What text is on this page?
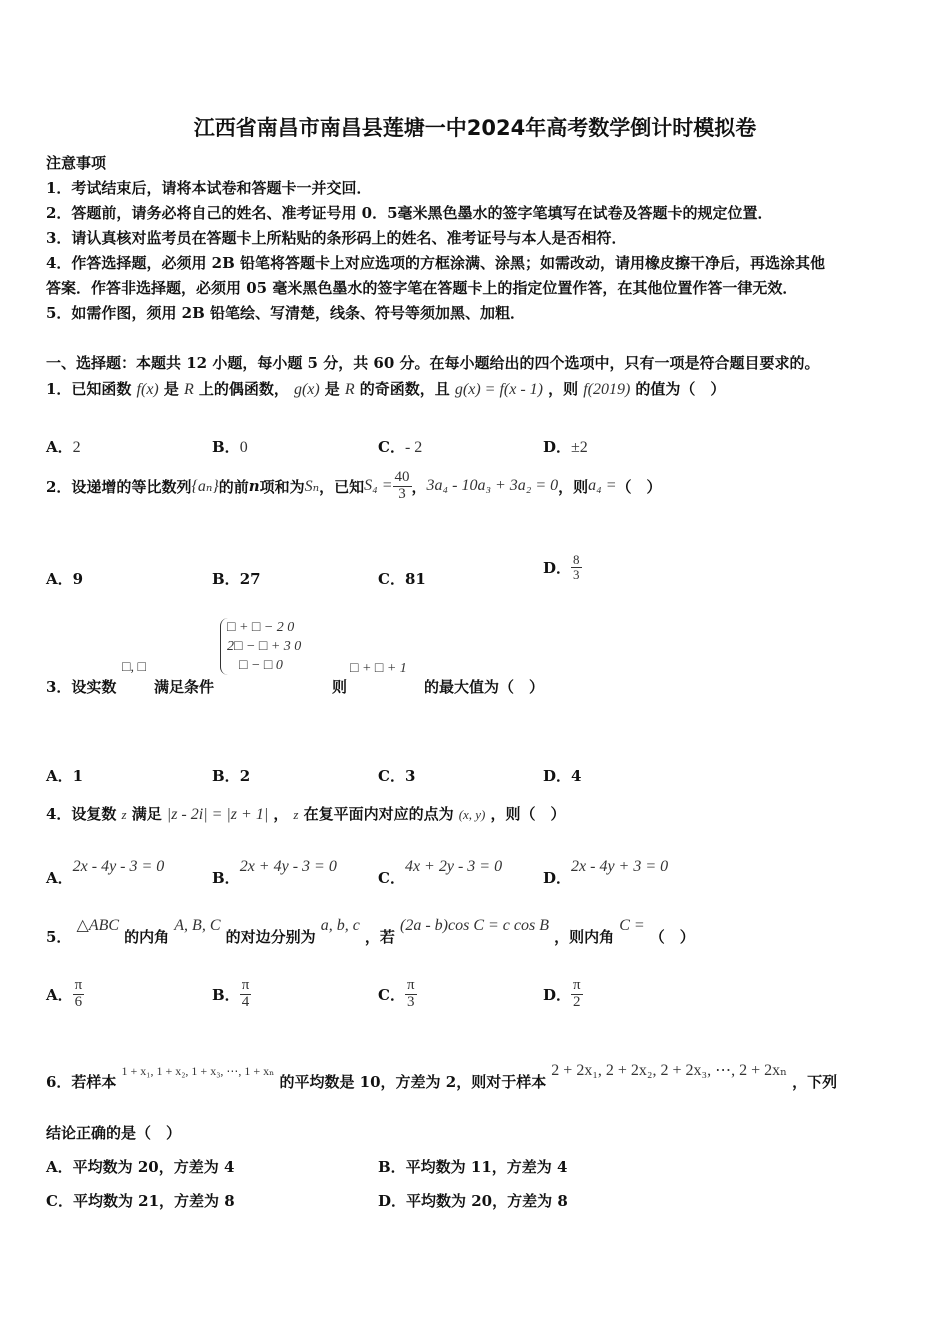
江西省南昌市南昌县莲塘一中2024年高考数学倒计时模拟卷
注意事项
1．考试结束后，请将本试卷和答题卡一并交回．
2．答题前，请务必将自己的姓名、准考证号用 0．5毫米黑色墨水的签字笔填写在试卷及答题卡的规定位置．
3．请认真核对监考员在答题卡上所粘贴的条形码上的姓名、准考证号与本人是否相符．
4．作答选择题，必须用 2B 铅笔将答题卡上对应选项的方框涂满、涂黑；如需改动，请用橡皮擦干净后，再选涂其他
答案．作答非选择题，必须用 05 毫米黑色墨水的签字笔在答题卡上的指定位置作答，在其他位置作答一律无效．
5．如需作图，须用 2B 铅笔绘、写清楚，线条、符号等须加黑、加粗．
一、选择题：本题共 12 小题，每小题 5 分，共 60 分。在每小题给出的四个选项中，只有一项是符合题目要求的。
1．已知函数 f(x) 是 R 上的偶函数， g(x) 是 R 的奇函数，且 g(x) = f(x - 1) ，则 f(2019) 的值为（　）
A．2	B．0	C．- 2	D．±2
2．设递增的等比数列 {aₙ} 的前 n 项和为 Sₙ ，已知 $S_4 = \frac{40}{3}$ ， 3a₄ - 10a₃ + 3a₂ = 0 ，则 a₄ = （　）
A．9	B．27	C．81
D． $\frac{8}{3}$
3．设实数
□, □
满足条件
□ + □ − 2 0
2□ − □ + 3 0
□ − □ 0
则
□ + □ + 1
的最大值为（　）
A．1	B．2	C．3	D．4
4．设复数 z 满足 |z - 2i| = |z + 1| ， z 在复平面内对应的点为 (x, y) ，则（　）
A．2x - 4y - 3 = 0
B．2x + 4y - 3 = 0
C．4x + 2y - 3 = 0
D．2x - 4y + 3 = 0
5． △ABC 的内角 A, B, C 的对边分别为 a, b, c ，若 (2a - b)cos C = c cos B ，则内角 C = （　）
A． $\frac{\pi}{6}$	B． $\frac{\pi}{4}$	C． $\frac{\pi}{3}$	D． $\frac{\pi}{2}$
6．若样本 1 + x₁, 1 + x₂, 1 + x₃, ⋯, 1 + xₙ 的平均数是 10，方差为 2，则对于样本 2 + 2x₁, 2 + 2x₂, 2 + 2x₃, ⋯, 2 + 2xₙ ，下列
结论正确的是（　）
A．平均数为 20，方差为 4	B．平均数为 11，方差为 4
C．平均数为 21，方差为 8	D．平均数为 20，方差为 8
